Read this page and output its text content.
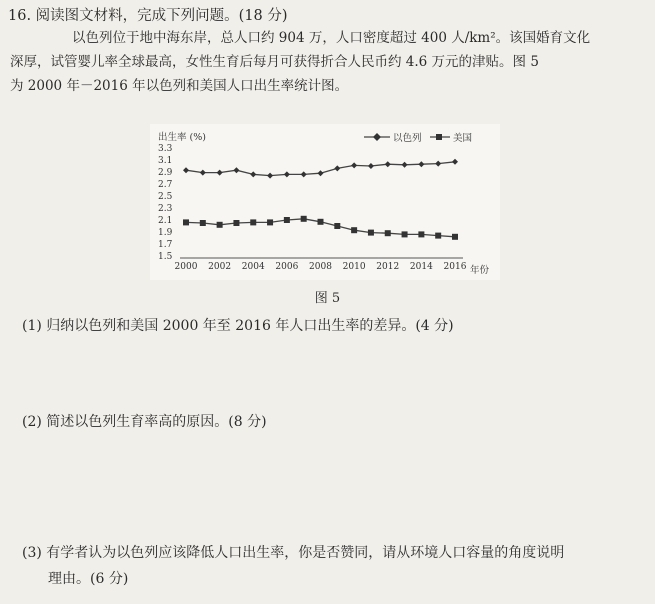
16. 阅读图文材料，完成下列问题。(18 分)
以色列位于地中海东岸，总人口约 904 万，人口密度超过 400 人/km²。该国婚育文化
深厚，试管婴儿率全球最高，女性生育后每月可获得折合人民币约 4.6 万元的津贴。图 5
为 2000 年－2016 年以色列和美国人口出生率统计图。
出生率 (%)
年份
以色列	美国
1.5
1.7
1.9
2.1
2.3
2.5
2.7
2.9
3.1
3.3
2000 2002 2004 2006 2008 2010 2012 2014 2016
图 5
(1) 归纳以色列和美国 2000 年至 2016 年人口出生率的差异。(4 分)
(2) 简述以色列生育率高的原因。(8 分)
(3) 有学者认为以色列应该降低人口出生率，你是否赞同，请从环境人口容量的角度说明
理由。(6 分)
